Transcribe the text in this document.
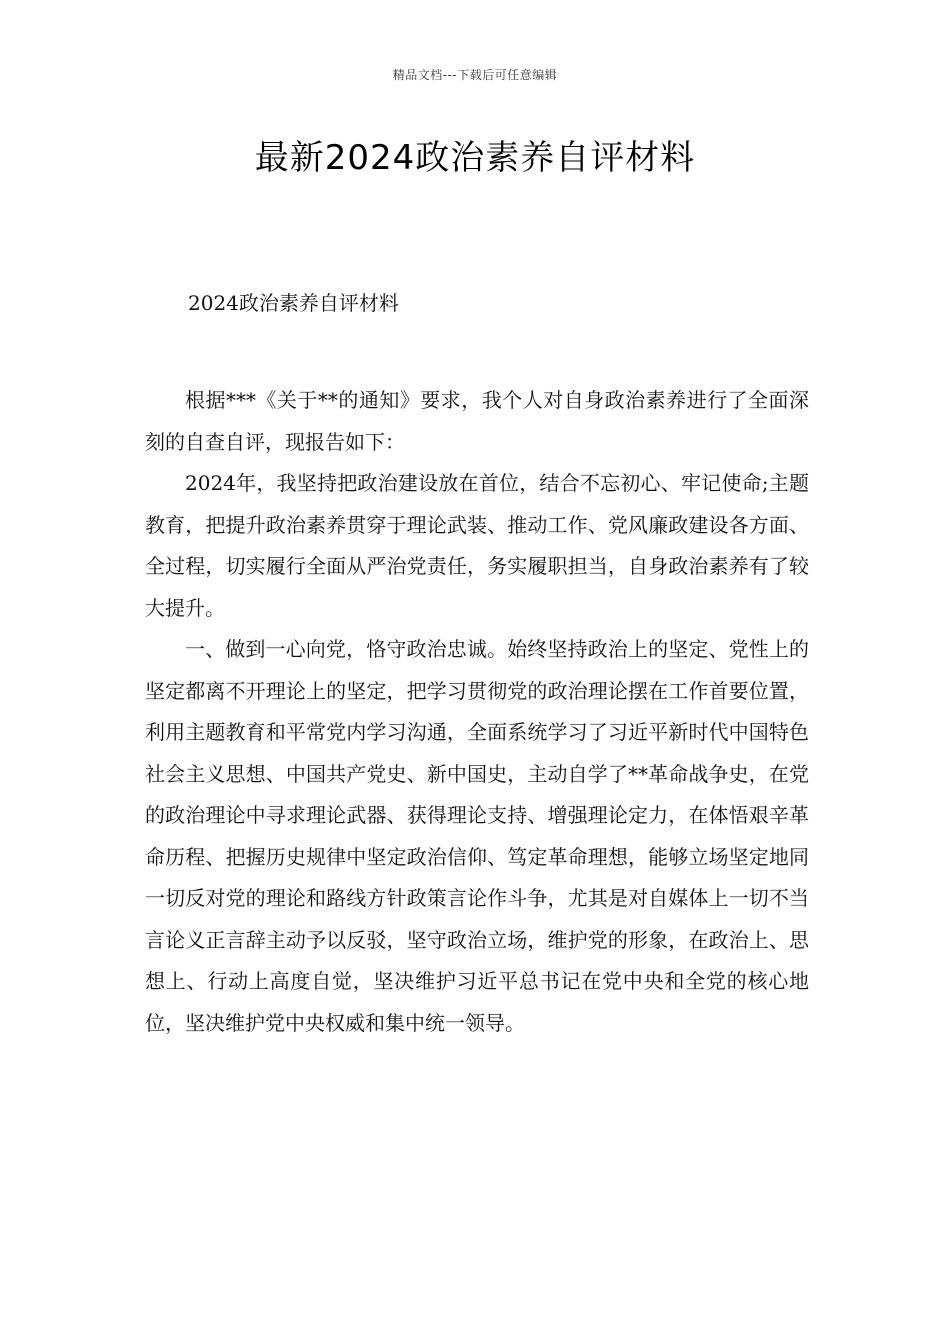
精品文档---下载后可任意编辑
最新2024政治素养自评材料
2024政治素养自评材料

根据***《关于**的通知》要求，我个人对自身政治素养进行了全面深刻的自查自评，现报告如下：

2024年，我坚持把政治建设放在首位，结合不忘初心、牢记使命;主题教育，把提升政治素养贯穿于理论武装、推动工作、党风廉政建设各方面、全过程，切实履行全面从严治党责任，务实履职担当，自身政治素养有了较大提升。

一、做到一心向党，恪守政治忠诚。始终坚持政治上的坚定、党性上的坚定都离不开理论上的坚定，把学习贯彻党的政治理论摆在工作首要位置，利用主题教育和平常党内学习沟通，全面系统学习了习近平新时代中国特色社会主义思想、中国共产党史、新中国史，主动自学了**革命战争史，在党的政治理论中寻求理论武器、获得理论支持、增强理论定力，在体悟艰辛革命历程、把握历史规律中坚定政治信仰、笃定革命理想，能够立场坚定地同一切反对党的理论和路线方针政策言论作斗争，尤其是对自媒体上一切不当言论义正言辞主动予以反驳，坚守政治立场，维护党的形象，在政治上、思想上、行动上高度自觉，坚决维护习近平总书记在党中央和全党的核心地位，坚决维护党中央权威和集中统一领导。
